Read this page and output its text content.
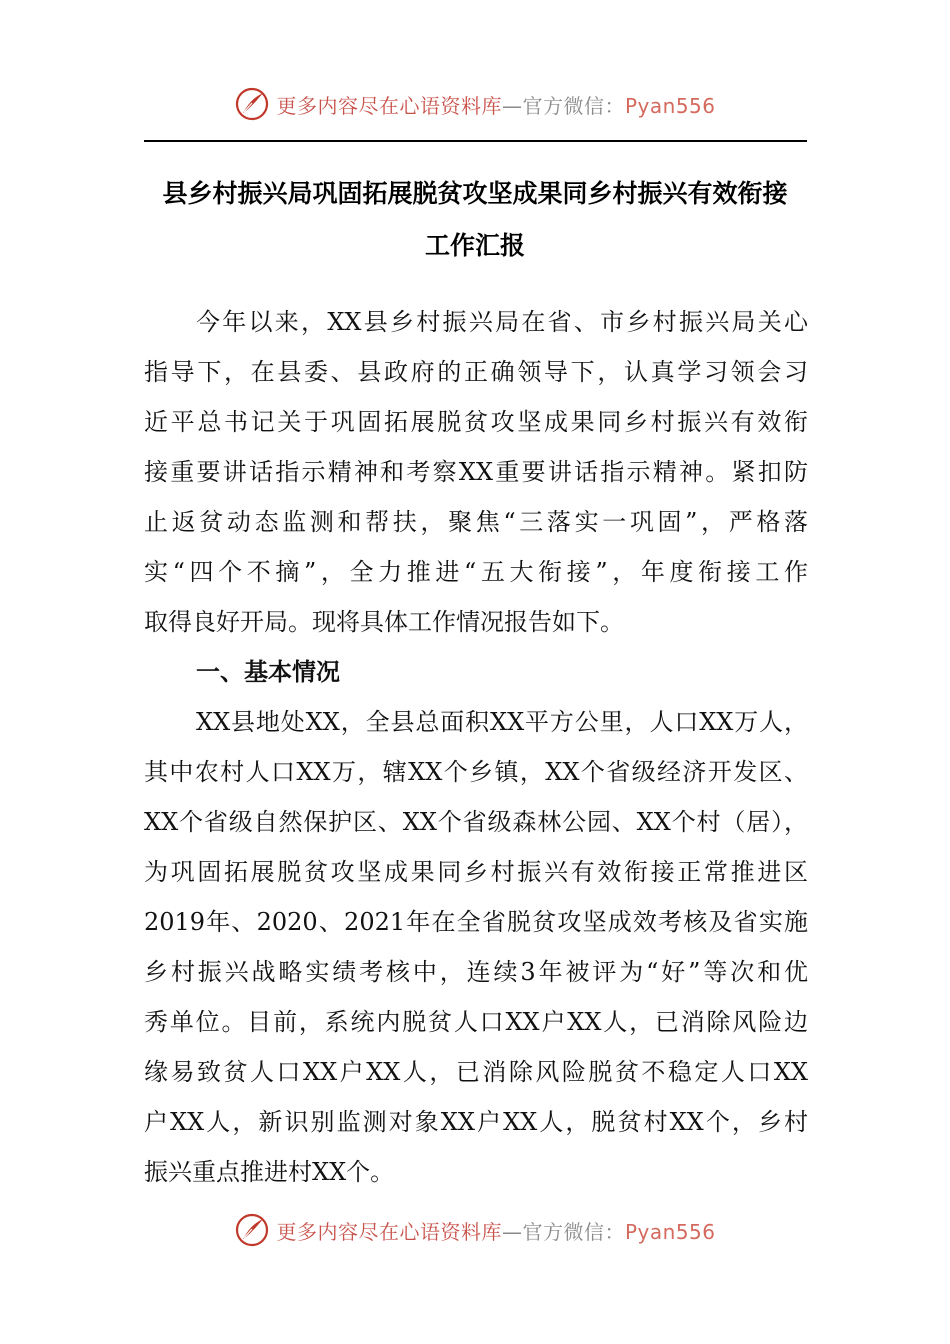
更多内容尽在心语资料库—官方微信：Pyan556
县乡村振兴局巩固拓展脱贫攻坚成果同乡村振兴有效衔接
工作汇报
今年以来，XX县乡村振兴局在省、市乡村振兴局关心
指导下，在县委、县政府的正确领导下，认真学习领会习
近平总书记关于巩固拓展脱贫攻坚成果同乡村振兴有效衔
接重要讲话指示精神和考察XX重要讲话指示精神。紧扣防
止返贫动态监测和帮扶，聚焦“三落实一巩固”，严格落
实“四个不摘”，全力推进“五大衔接”，年度衔接工作
取得良好开局。现将具体工作情况报告如下。
一、基本情况
XX县地处XX，全县总面积XX平方公里，人口XX万人，
其中农村人口XX万，辖XX个乡镇，XX个省级经济开发区、
XX个省级自然保护区、XX个省级森林公园、XX个村（居），
为巩固拓展脱贫攻坚成果同乡村振兴有效衔接正常推进区
2019年、2020、2021年在全省脱贫攻坚成效考核及省实施
乡村振兴战略实绩考核中，连续3年被评为“好”等次和优
秀单位。目前，系统内脱贫人口XX户XX人，已消除风险边
缘易致贫人口XX户XX人，已消除风险脱贫不稳定人口XX
户XX人，新识别监测对象XX户XX人，脱贫村XX个，乡村
振兴重点推进村XX个。
更多内容尽在心语资料库—官方微信：Pyan556
